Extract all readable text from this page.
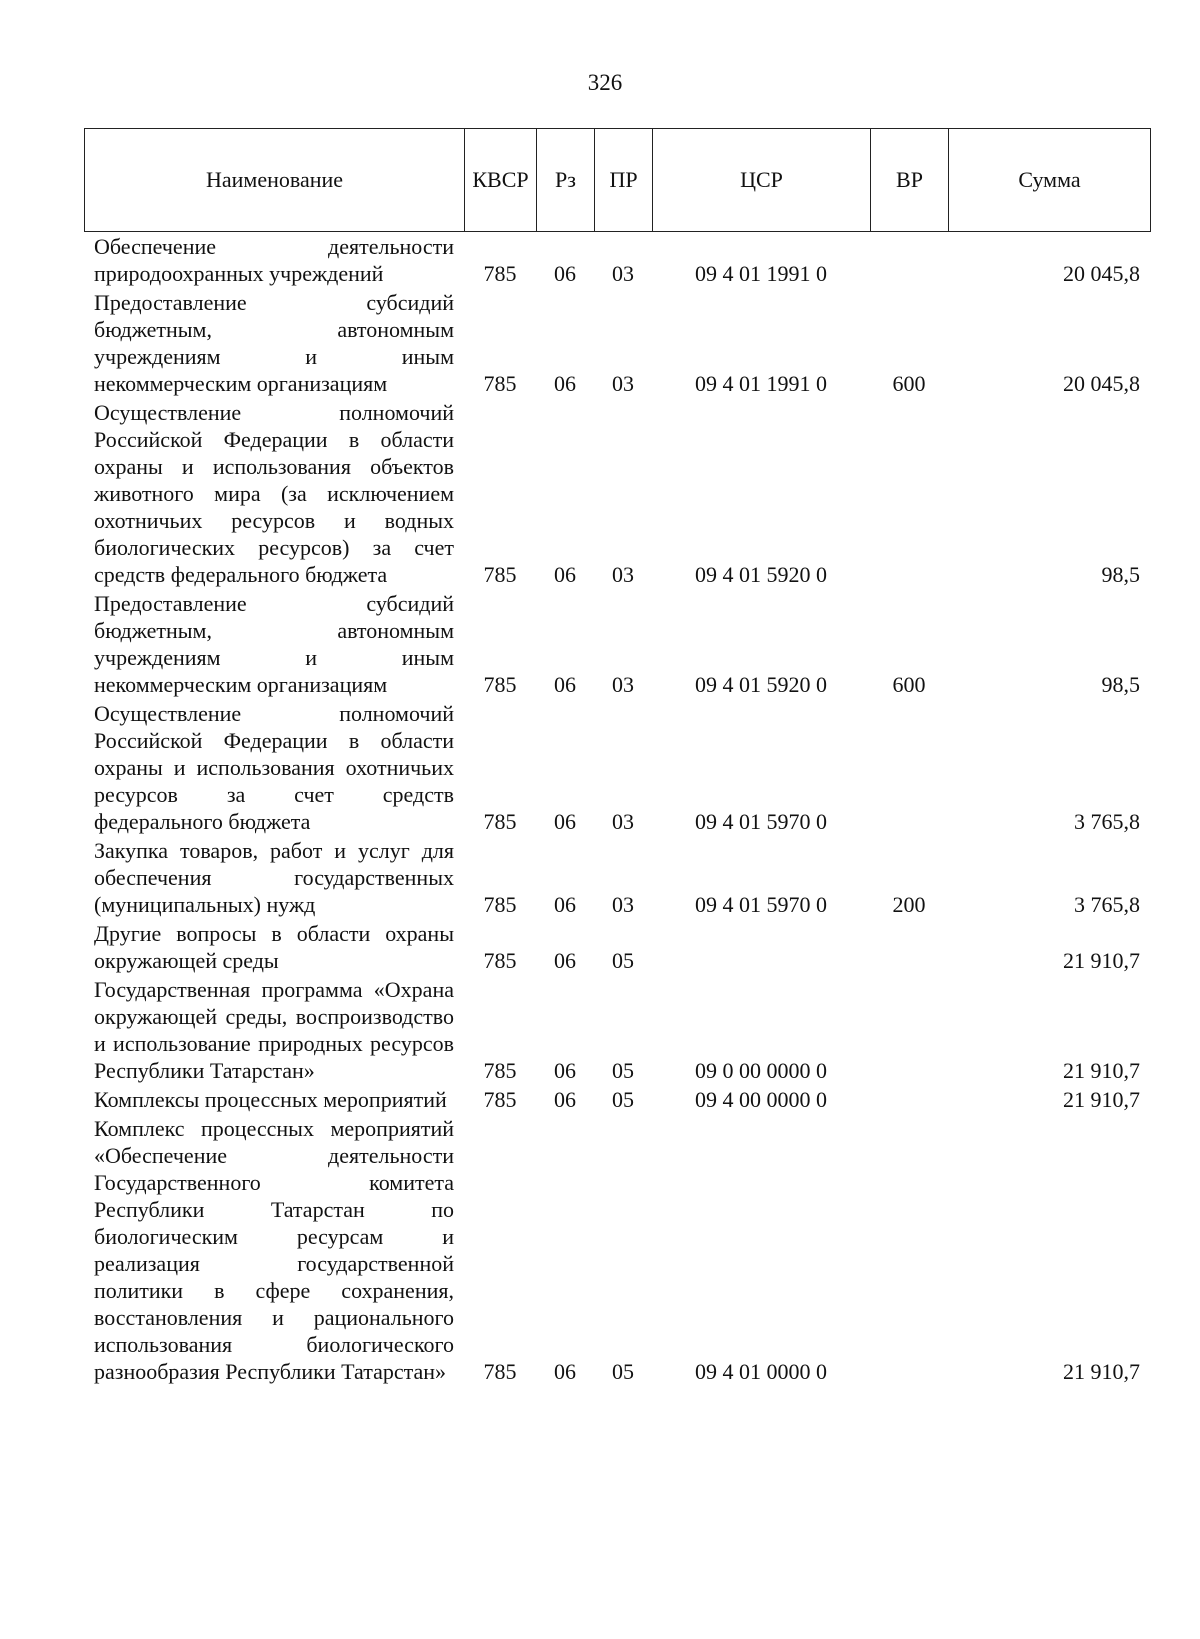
326
Наименование	КВСР	Рз	ПР	ЦСР	ВР	Сумма
Обеспечение деятельности природоохранных учреждений	785	06	03	09 4 01 1991 0		20 045,8
Предоставление субсидий бюджетным, автономным учреждениям и иным некоммерческим организациям	785	06	03	09 4 01 1991 0	600	20 045,8
Осуществление полномочий Российской Федерации в области охраны и использования объектов животного мира (за исключением охотничьих ресурсов и водных биологических ресурсов) за счет средств федерального бюджета	785	06	03	09 4 01 5920 0		98,5
Предоставление субсидий бюджетным, автономным учреждениям и иным некоммерческим организациям	785	06	03	09 4 01 5920 0	600	98,5
Осуществление полномочий Российской Федерации в области охраны и использования охотничьих ресурсов за счет средств федерального бюджета	785	06	03	09 4 01 5970 0		3 765,8
Закупка товаров, работ и услуг для обеспечения государственных (муниципальных) нужд	785	06	03	09 4 01 5970 0	200	3 765,8
Другие вопросы в области охраны окружающей среды	785	06	05			21 910,7
Государственная программа «Охрана окружающей среды, воспроизводство и использование природных ресурсов Республики Татарстан»	785	06	05	09 0 00 0000 0		21 910,7
Комплексы процессных мероприятий	785	06	05	09 4 00 0000 0		21 910,7
Комплекс процессных мероприятий «Обеспечение деятельности Государственного комитета Республики Татарстан по биологическим ресурсам и реализация государственной политики в сфере сохранения, восстановления и рационального использования биологического разнообразия Республики Татарстан»	785	06	05	09 4 01 0000 0		21 910,7
